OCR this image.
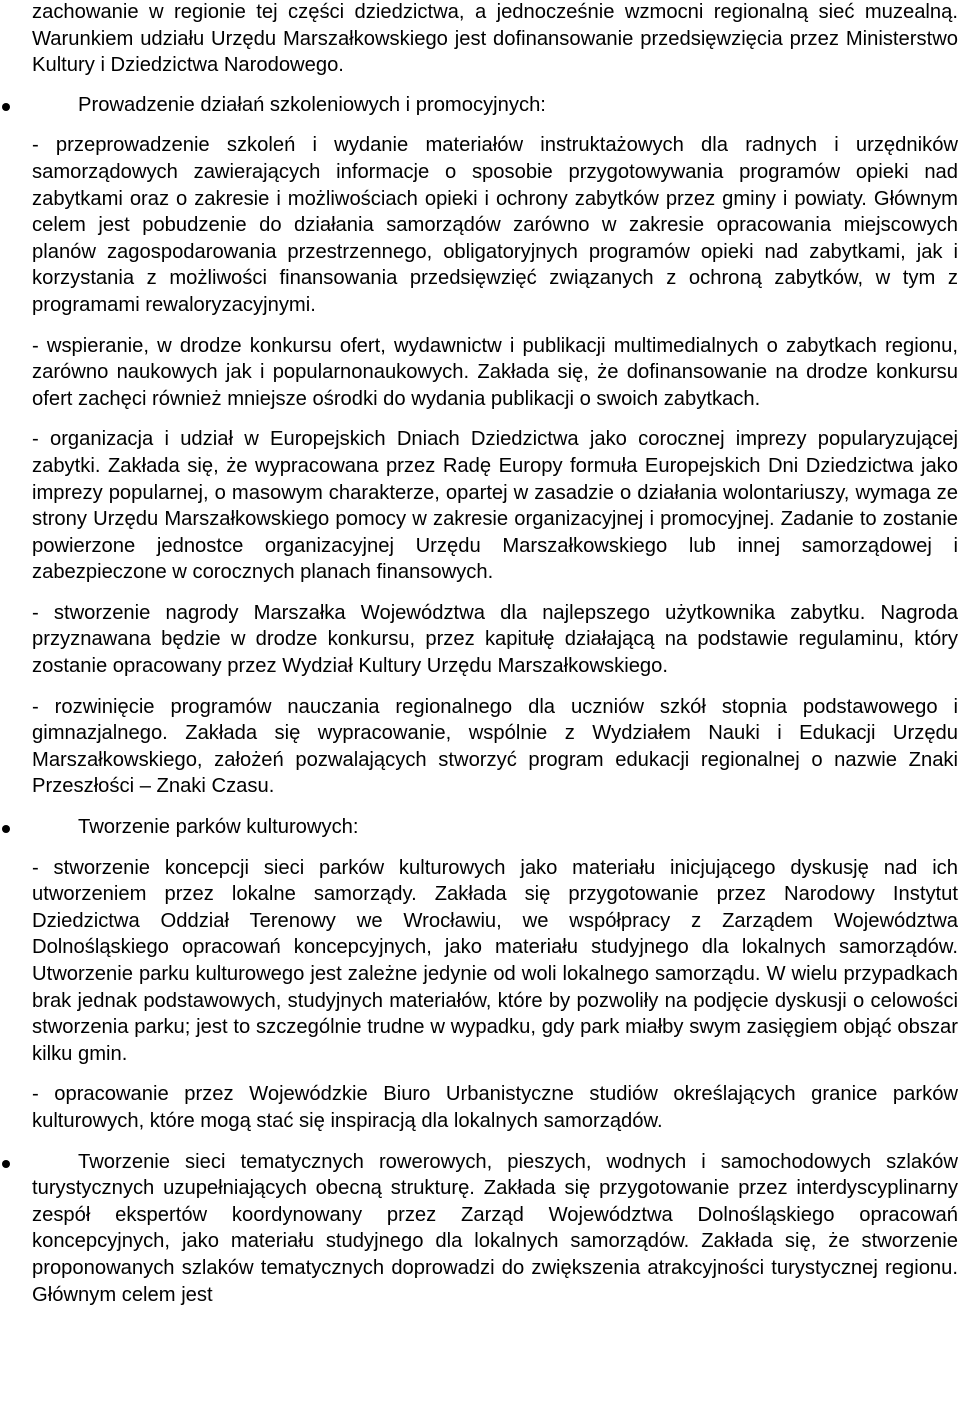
zachowanie w regionie tej części dziedzictwa, a jednocześnie wzmocni regionalną sieć muzealną. Warunkiem udziału Urzędu Marszałkowskiego jest dofinansowanie przedsięwzięcia przez Ministerstwo Kultury i Dziedzictwa Narodowego.

Prowadzenie działań szkoleniowych i promocyjnych:

- przeprowadzenie szkoleń i wydanie materiałów instruktażowych dla radnych i urzędników samorządowych zawierających informacje o sposobie przygotowywania programów opieki nad zabytkami oraz o zakresie i możliwościach opieki i ochrony zabytków przez gminy i powiaty. Głównym celem jest pobudzenie do działania samorządów zarówno w zakresie opracowania miejscowych planów zagospodarowania przestrzennego, obligatoryjnych programów opieki nad zabytkami, jak i korzystania z możliwości finansowania przedsięwzięć związanych z ochroną zabytków, w tym z programami rewaloryzacyjnymi.

- wspieranie, w drodze konkursu ofert, wydawnictw i publikacji multimedialnych o zabytkach regionu, zarówno naukowych jak i popularnonaukowych. Zakłada się, że dofinansowanie na drodze konkursu ofert zachęci również mniejsze ośrodki do wydania publikacji o swoich zabytkach.

- organizacja i udział w Europejskich Dniach Dziedzictwa jako corocznej imprezy popularyzującej zabytki. Zakłada się, że wypracowana przez Radę Europy formuła Europejskich Dni Dziedzictwa jako imprezy popularnej, o masowym charakterze, opartej w zasadzie o działania wolontariuszy, wymaga ze strony Urzędu Marszałkowskiego pomocy w zakresie organizacyjnej i promocyjnej. Zadanie to zostanie powierzone jednostce organizacyjnej Urzędu Marszałkowskiego lub innej samorządowej i zabezpieczone w corocznych planach finansowych.

- stworzenie nagrody Marszałka Województwa dla najlepszego użytkownika zabytku. Nagroda przyznawana będzie w drodze konkursu, przez kapitułę działającą na podstawie regulaminu, który zostanie opracowany przez Wydział Kultury Urzędu Marszałkowskiego.

- rozwinięcie programów nauczania regionalnego dla uczniów szkół stopnia podstawowego i gimnazjalnego. Zakłada się wypracowanie, wspólnie z Wydziałem Nauki i Edukacji Urzędu Marszałkowskiego, założeń pozwalających stworzyć program edukacji regionalnej o nazwie Znaki Przeszłości – Znaki Czasu.

Tworzenie parków kulturowych:

- stworzenie koncepcji sieci parków kulturowych jako materiału inicjującego dyskusję nad ich utworzeniem przez lokalne samorządy. Zakłada się przygotowanie przez Narodowy Instytut Dziedzictwa Oddział Terenowy we Wrocławiu, we współpracy z Zarządem Województwa Dolnośląskiego opracowań koncepcyjnych, jako materiału studyjnego dla lokalnych samorządów. Utworzenie parku kulturowego jest zależne jedynie od woli lokalnego samorządu. W wielu przypadkach brak jednak podstawowych, studyjnych materiałów, które by pozwoliły na podjęcie dyskusji o celowości stworzenia parku; jest to szczególnie trudne w wypadku, gdy park miałby swym zasięgiem objąć obszar kilku gmin.

- opracowanie przez Wojewódzkie Biuro Urbanistyczne studiów określających granice parków kulturowych, które mogą stać się inspiracją dla lokalnych samorządów.

Tworzenie sieci tematycznych rowerowych, pieszych, wodnych i samochodowych szlaków turystycznych uzupełniających obecną strukturę. Zakłada się przygotowanie przez interdyscyplinarny zespół ekspertów koordynowany przez Zarząd Województwa Dolnośląskiego opracowań koncepcyjnych, jako materiału studyjnego dla lokalnych samorządów. Zakłada się, że stworzenie proponowanych szlaków tematycznych doprowadzi do zwiększenia atrakcyjności turystycznej regionu. Głównym celem jest
